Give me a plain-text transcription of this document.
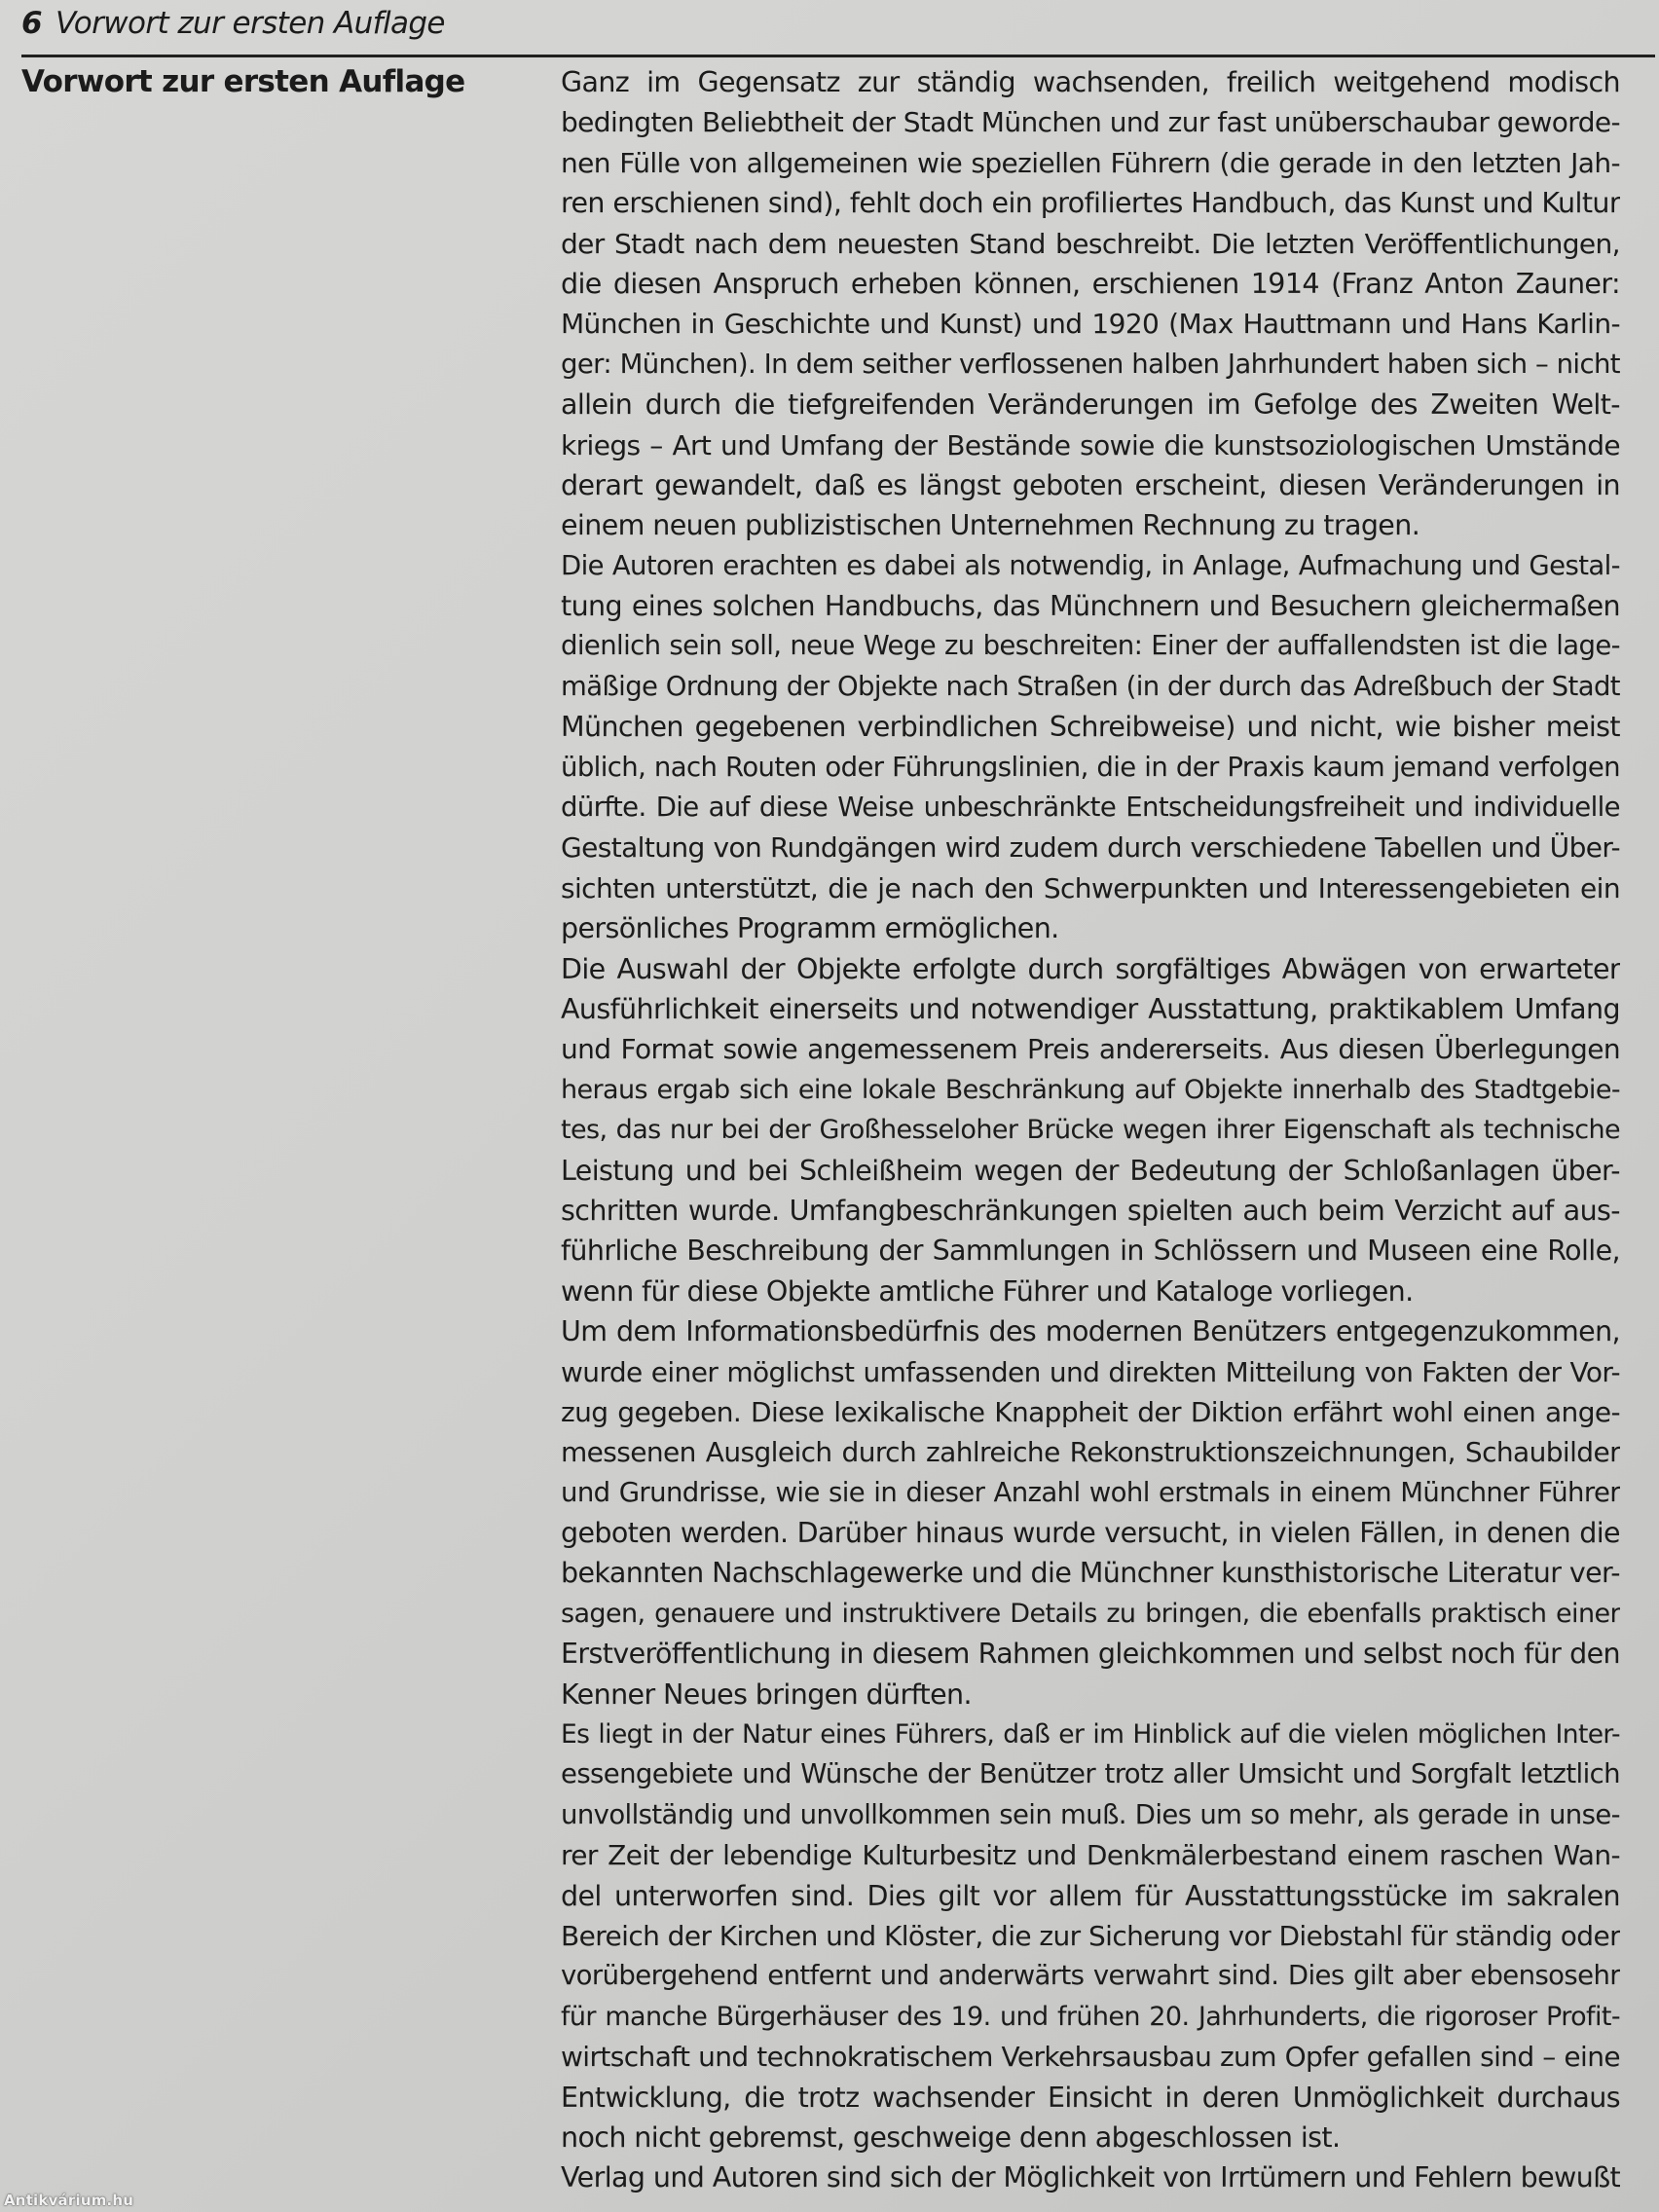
6 Vorwort zur ersten Auflage
Vorwort zur ersten Auflage	Ganz im Gegensatz zur ständig wachsenden, freilich weitgehend modisch
bedingten Beliebtheit der Stadt München und zur fast unüberschaubar geworde-
nen Fülle von allgemeinen wie speziellen Führern (die gerade in den letzten Jah-
ren erschienen sind), fehlt doch ein profiliertes Handbuch, das Kunst und Kultur
der Stadt nach dem neuesten Stand beschreibt. Die letzten Veröffentlichungen,
die diesen Anspruch erheben können, erschienen 1914 (Franz Anton Zauner:
München in Geschichte und Kunst) und 1920 (Max Hauttmann und Hans Karlin-
ger: München). In dem seither verflossenen halben Jahrhundert haben sich – nicht
allein durch die tiefgreifenden Veränderungen im Gefolge des Zweiten Welt-
kriegs – Art und Umfang der Bestände sowie die kunstsoziologischen Umstände
derart gewandelt, daß es längst geboten erscheint, diesen Veränderungen in
einem neuen publizistischen Unternehmen Rechnung zu tragen.
Die Autoren erachten es dabei als notwendig, in Anlage, Aufmachung und Gestal-
tung eines solchen Handbuchs, das Münchnern und Besuchern gleichermaßen
dienlich sein soll, neue Wege zu beschreiten: Einer der auffallendsten ist die lage-
mäßige Ordnung der Objekte nach Straßen (in der durch das Adreßbuch der Stadt
München gegebenen verbindlichen Schreibweise) und nicht, wie bisher meist
üblich, nach Routen oder Führungslinien, die in der Praxis kaum jemand verfolgen
dürfte. Die auf diese Weise unbeschränkte Entscheidungsfreiheit und individuelle
Gestaltung von Rundgängen wird zudem durch verschiedene Tabellen und Über-
sichten unterstützt, die je nach den Schwerpunkten und Interessengebieten ein
persönliches Programm ermöglichen.
Die Auswahl der Objekte erfolgte durch sorgfältiges Abwägen von erwarteter
Ausführlichkeit einerseits und notwendiger Ausstattung, praktikablem Umfang
und Format sowie angemessenem Preis andererseits. Aus diesen Überlegungen
heraus ergab sich eine lokale Beschränkung auf Objekte innerhalb des Stadtgebie-
tes, das nur bei der Großhesseloher Brücke wegen ihrer Eigenschaft als technische
Leistung und bei Schleißheim wegen der Bedeutung der Schloßanlagen über-
schritten wurde. Umfangbeschränkungen spielten auch beim Verzicht auf aus-
führliche Beschreibung der Sammlungen in Schlössern und Museen eine Rolle,
wenn für diese Objekte amtliche Führer und Kataloge vorliegen.
Um dem Informationsbedürfnis des modernen Benützers entgegenzukommen,
wurde einer möglichst umfassenden und direkten Mitteilung von Fakten der Vor-
zug gegeben. Diese lexikalische Knappheit der Diktion erfährt wohl einen ange-
messenen Ausgleich durch zahlreiche Rekonstruktionszeichnungen, Schaubilder
und Grundrisse, wie sie in dieser Anzahl wohl erstmals in einem Münchner Führer
geboten werden. Darüber hinaus wurde versucht, in vielen Fällen, in denen die
bekannten Nachschlagewerke und die Münchner kunsthistorische Literatur ver-
sagen, genauere und instruktivere Details zu bringen, die ebenfalls praktisch einer
Erstveröffentlichung in diesem Rahmen gleichkommen und selbst noch für den
Kenner Neues bringen dürften.
Es liegt in der Natur eines Führers, daß er im Hinblick auf die vielen möglichen Inter-
essengebiete und Wünsche der Benützer trotz aller Umsicht und Sorgfalt letztlich
unvollständig und unvollkommen sein muß. Dies um so mehr, als gerade in unse-
rer Zeit der lebendige Kulturbesitz und Denkmälerbestand einem raschen Wan-
del unterworfen sind. Dies gilt vor allem für Ausstattungsstücke im sakralen
Bereich der Kirchen und Klöster, die zur Sicherung vor Diebstahl für ständig oder
vorübergehend entfernt und anderwärts verwahrt sind. Dies gilt aber ebensosehr
für manche Bürgerhäuser des 19. und frühen 20. Jahrhunderts, die rigoroser Profit-
wirtschaft und technokratischem Verkehrsausbau zum Opfer gefallen sind – eine
Entwicklung, die trotz wachsender Einsicht in deren Unmöglichkeit durchaus
noch nicht gebremst, geschweige denn abgeschlossen ist.
Verlag und Autoren sind sich der Möglichkeit von Irrtümern und Fehlern bewußt
Antikvárium.hu
